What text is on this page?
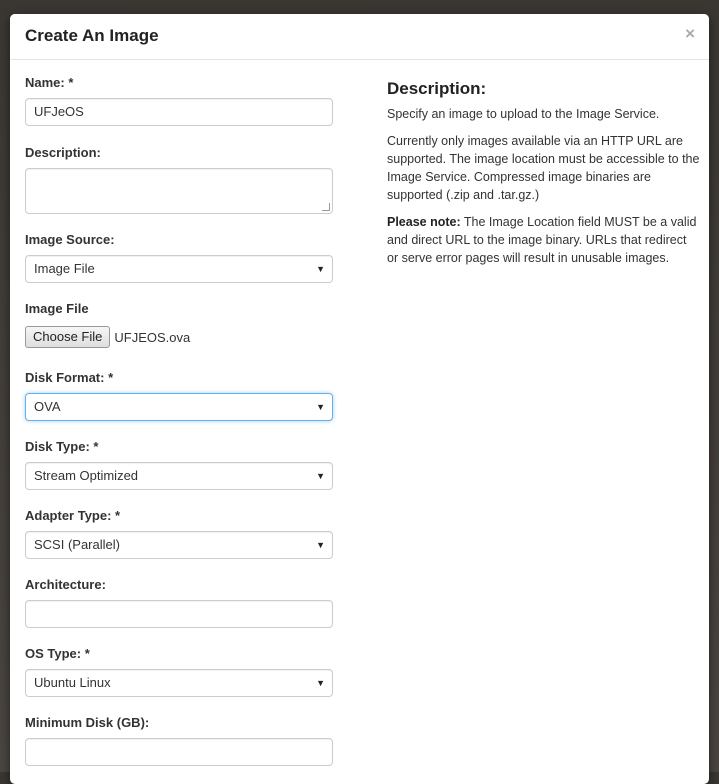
Create An Image	×
Name: *
UFJeOS
Description:
Image Source:
Image File	▼
Image File
Choose File UFJEOS.ova
Disk Format: *
OVA	▼
Disk Type: *
Stream Optimized	▼
Adapter Type: *
SCSI (Parallel)	▼
Architecture:
OS Type: *
Ubuntu Linux	▼
Minimum Disk (GB):
Description:

Specify an image to upload to the Image Service.

Currently only images available via an HTTP URL are supported. The image location must be accessible to the Image Service. Compressed image binaries are supported (.zip and .tar.gz.)

Please note: The Image Location field MUST be a valid and direct URL to the image binary. URLs that redirect or serve error pages will result in unusable images.
